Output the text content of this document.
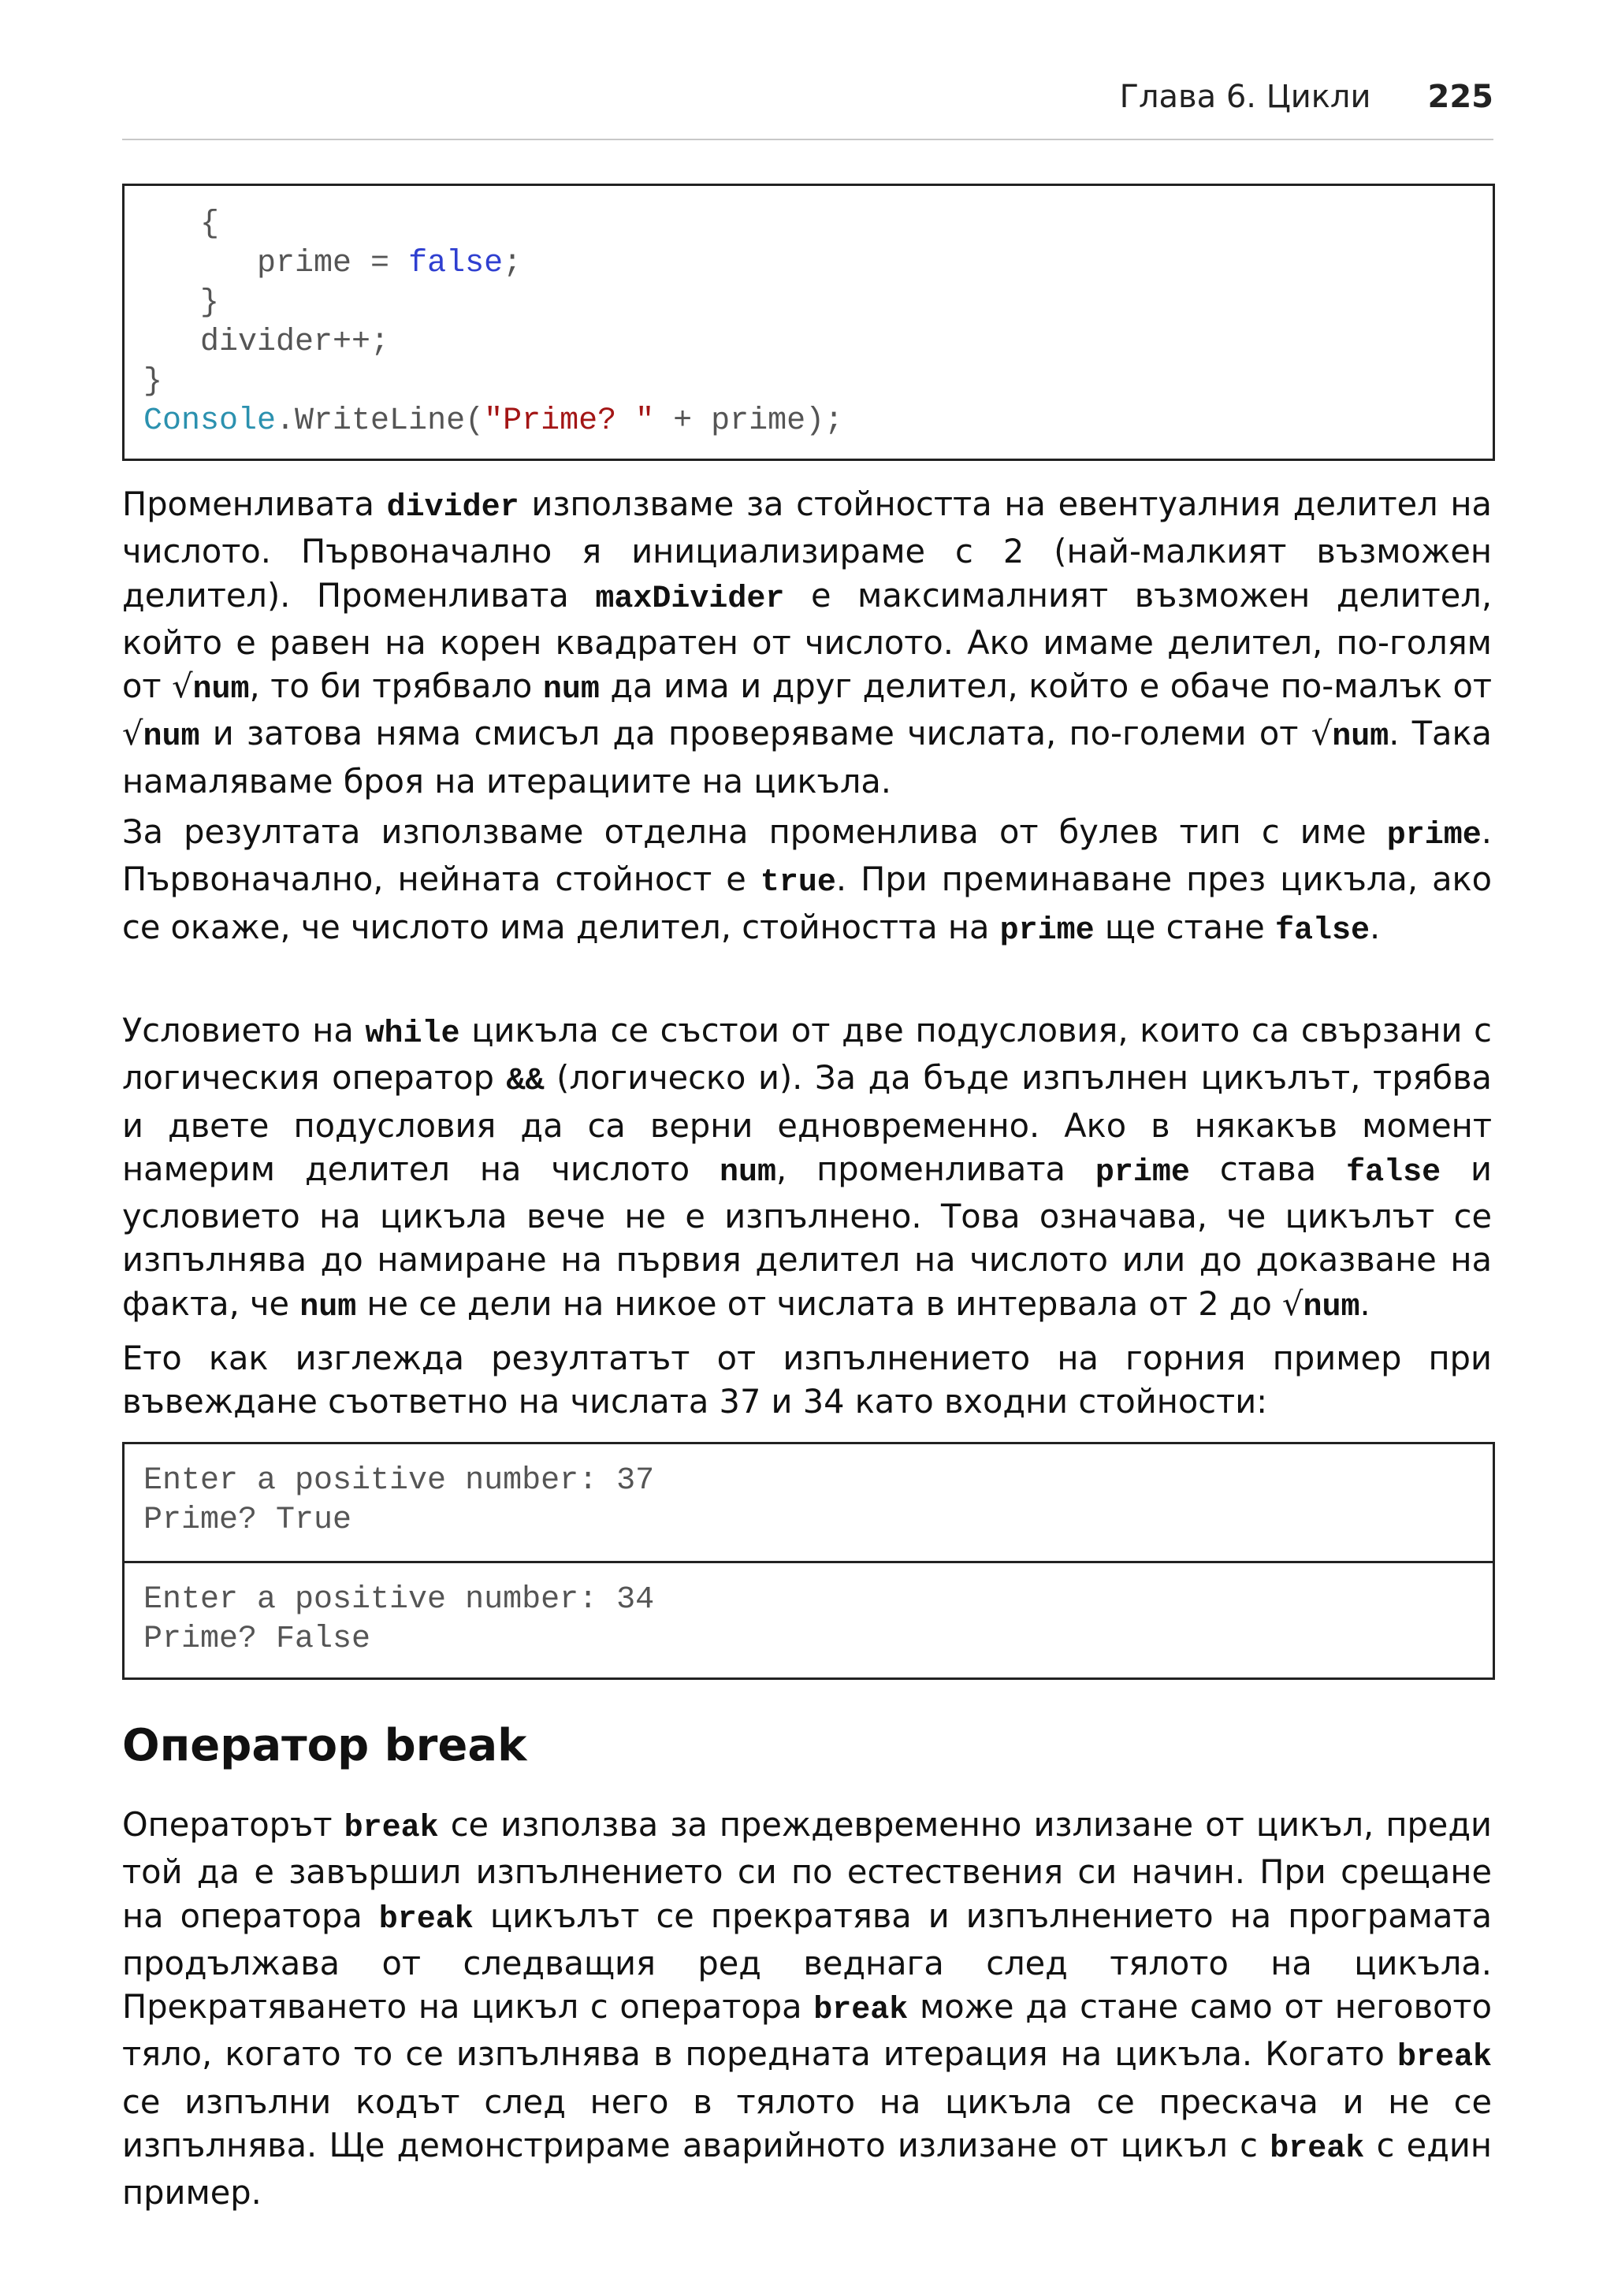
Глава 6. Цикли 225
{
prime = false;
}
divider++;
}
Console.WriteLine("Prime? " + prime);

Променливата divider използваме за стойността на евентуалния делител на числото. Първоначално я инициализираме с 2 (най-малкият възможен делител). Променливата maxDivider е максималният възможен делител, който е равен на корен квадратен от числото. Ако имаме делител, по-голям от √num, то би трябвало num да има и друг делител, който е обаче по-малък от √num и затова няма смисъл да проверяваме числата, по-големи от √num. Така намаляваме броя на итерациите на цикъла.

За резултата използваме отделна променлива от булев тип с име prime. Първоначално, нейната стойност е true. При преминаване през цикъла, ако се окаже, че числото има делител, стойността на prime ще стане false.

Условието на while цикъла се състои от две подусловия, които са свързани с логическия оператор && (логическо и). За да бъде изпълнен цикълът, трябва и двете подусловия да са верни едновременно. Ако в някакъв момент намерим делител на числото num, променливата prime става false и условието на цикъла вече не е изпълнено. Това означава, че цикълът се изпълнява до намиране на първия делител на числото или до доказване на факта, че num не се дели на никое от числата в интервала от 2 до √num.

Ето как изглежда резултатът от изпълнението на горния пример при въвеждане съответно на числата 37 и 34 като входни стойности:

Enter a positive number: 37
Prime? True
Enter a positive number: 34
Prime? False
Оператор break

Операторът break се използва за преждевременно излизане от цикъл, преди той да е завършил изпълнението си по естествения си начин. При срещане на оператора break цикълът се прекратява и изпълнението на програмата продължава от следващия ред веднага след тялото на цикъла. Прекратяването на цикъл с оператора break може да стане само от неговото тяло, когато то се изпълнява в поредната итерация на цикъла. Когато break се изпълни кодът след него в тялото на цикъла се прескача и не се изпълнява. Ще демонстрираме аварийното излизане от цикъл с break с един пример.
